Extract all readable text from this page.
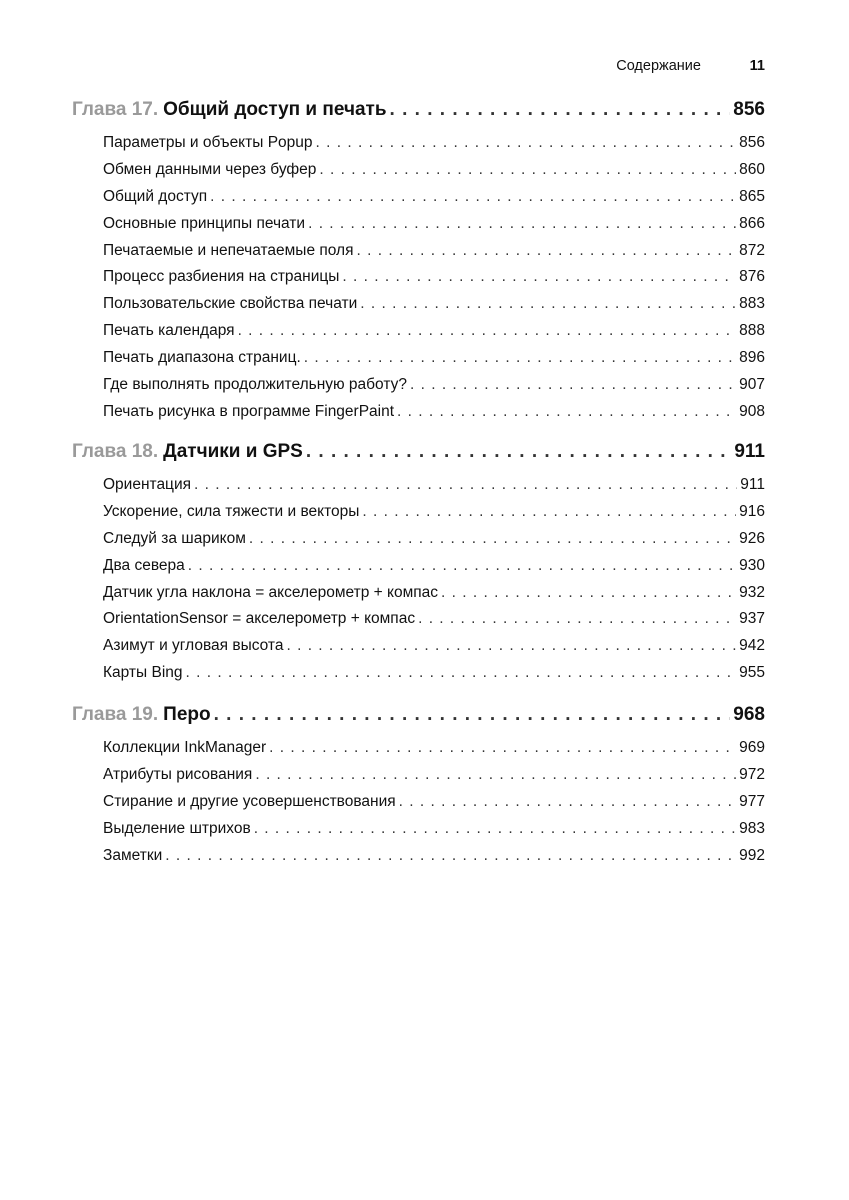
Содержание	11
Глава 17. Общий доступ и печать . . .	856
Параметры и объекты Popup . . .	856
Обмен данными через буфер . . .	860
Общий доступ . . .	865
Основные принципы печати . . .	866
Печатаемые и непечатаемые поля . . .	872
Процесс разбиения на страницы . . .	876
Пользовательские свойства печати . . .	883
Печать календаря . . .	888
Печать диапазона страниц. . . .	896
Где выполнять продолжительную работу? . . .	907
Печать рисунка в программе FingerPaint . . .	908
Глава 18. Датчики и GPS . . .	911
Ориентация . . .	911
Ускорение, сила тяжести и векторы . . .	916
Следуй за шариком . . .	926
Два севера . . .	930
Датчик угла наклона = акселерометр + компас . . .	932
OrientationSensor = акселерометр + компас . . .	937
Азимут и угловая высота . . .	942
Карты Bing . . .	955
Глава 19. Перо . . .	968
Коллекции InkManager . . .	969
Атрибуты рисования . . .	972
Стирание и другие усовершенствования . . .	977
Выделение штрихов . . .	983
Заметки . . .	992
